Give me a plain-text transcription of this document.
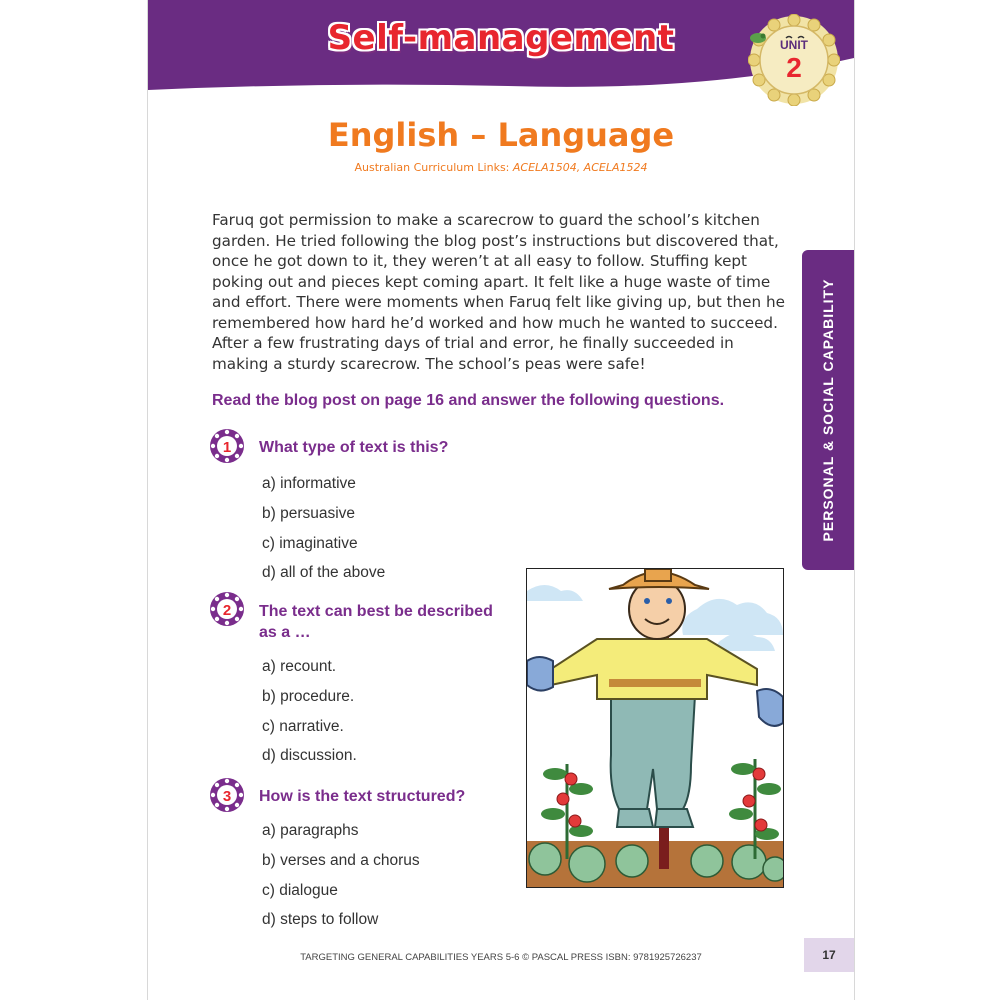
Self-management	UNIT
2
English – Language
Australian Curriculum Links: ACELA1504, ACELA1524
Faruq got permission to make a scarecrow to guard the school’s kitchen garden. He tried following the blog post’s instructions but discovered that, once he got down to it, they weren’t at all easy to follow. Stuffing kept poking out and pieces kept coming apart. It felt like a huge waste of time and effort. There were moments when Faruq felt like giving up, but then he remembered how hard he’d worked and how much he wanted to succeed. After a few frustrating days of trial and error, he finally succeeded in making a sturdy scarecrow. The school’s peas were safe!
Read the blog post on page 16 and answer the following questions.
1	What type of text is this?
a) informative
b) persuasive
c) imaginative
d) all of the above
2	The text can best be described
as a …
a) recount.
b) procedure.
c) narrative.
d) discussion.
3	How is the text structured?
a) paragraphs
b) verses and a chorus
c) dialogue
d) steps to follow
PERSONAL & SOCIAL CAPABILITY
TARGETING GENERAL CAPABILITIES YEARS 5-6 © PASCAL PRESS ISBN: 9781925726237	17
